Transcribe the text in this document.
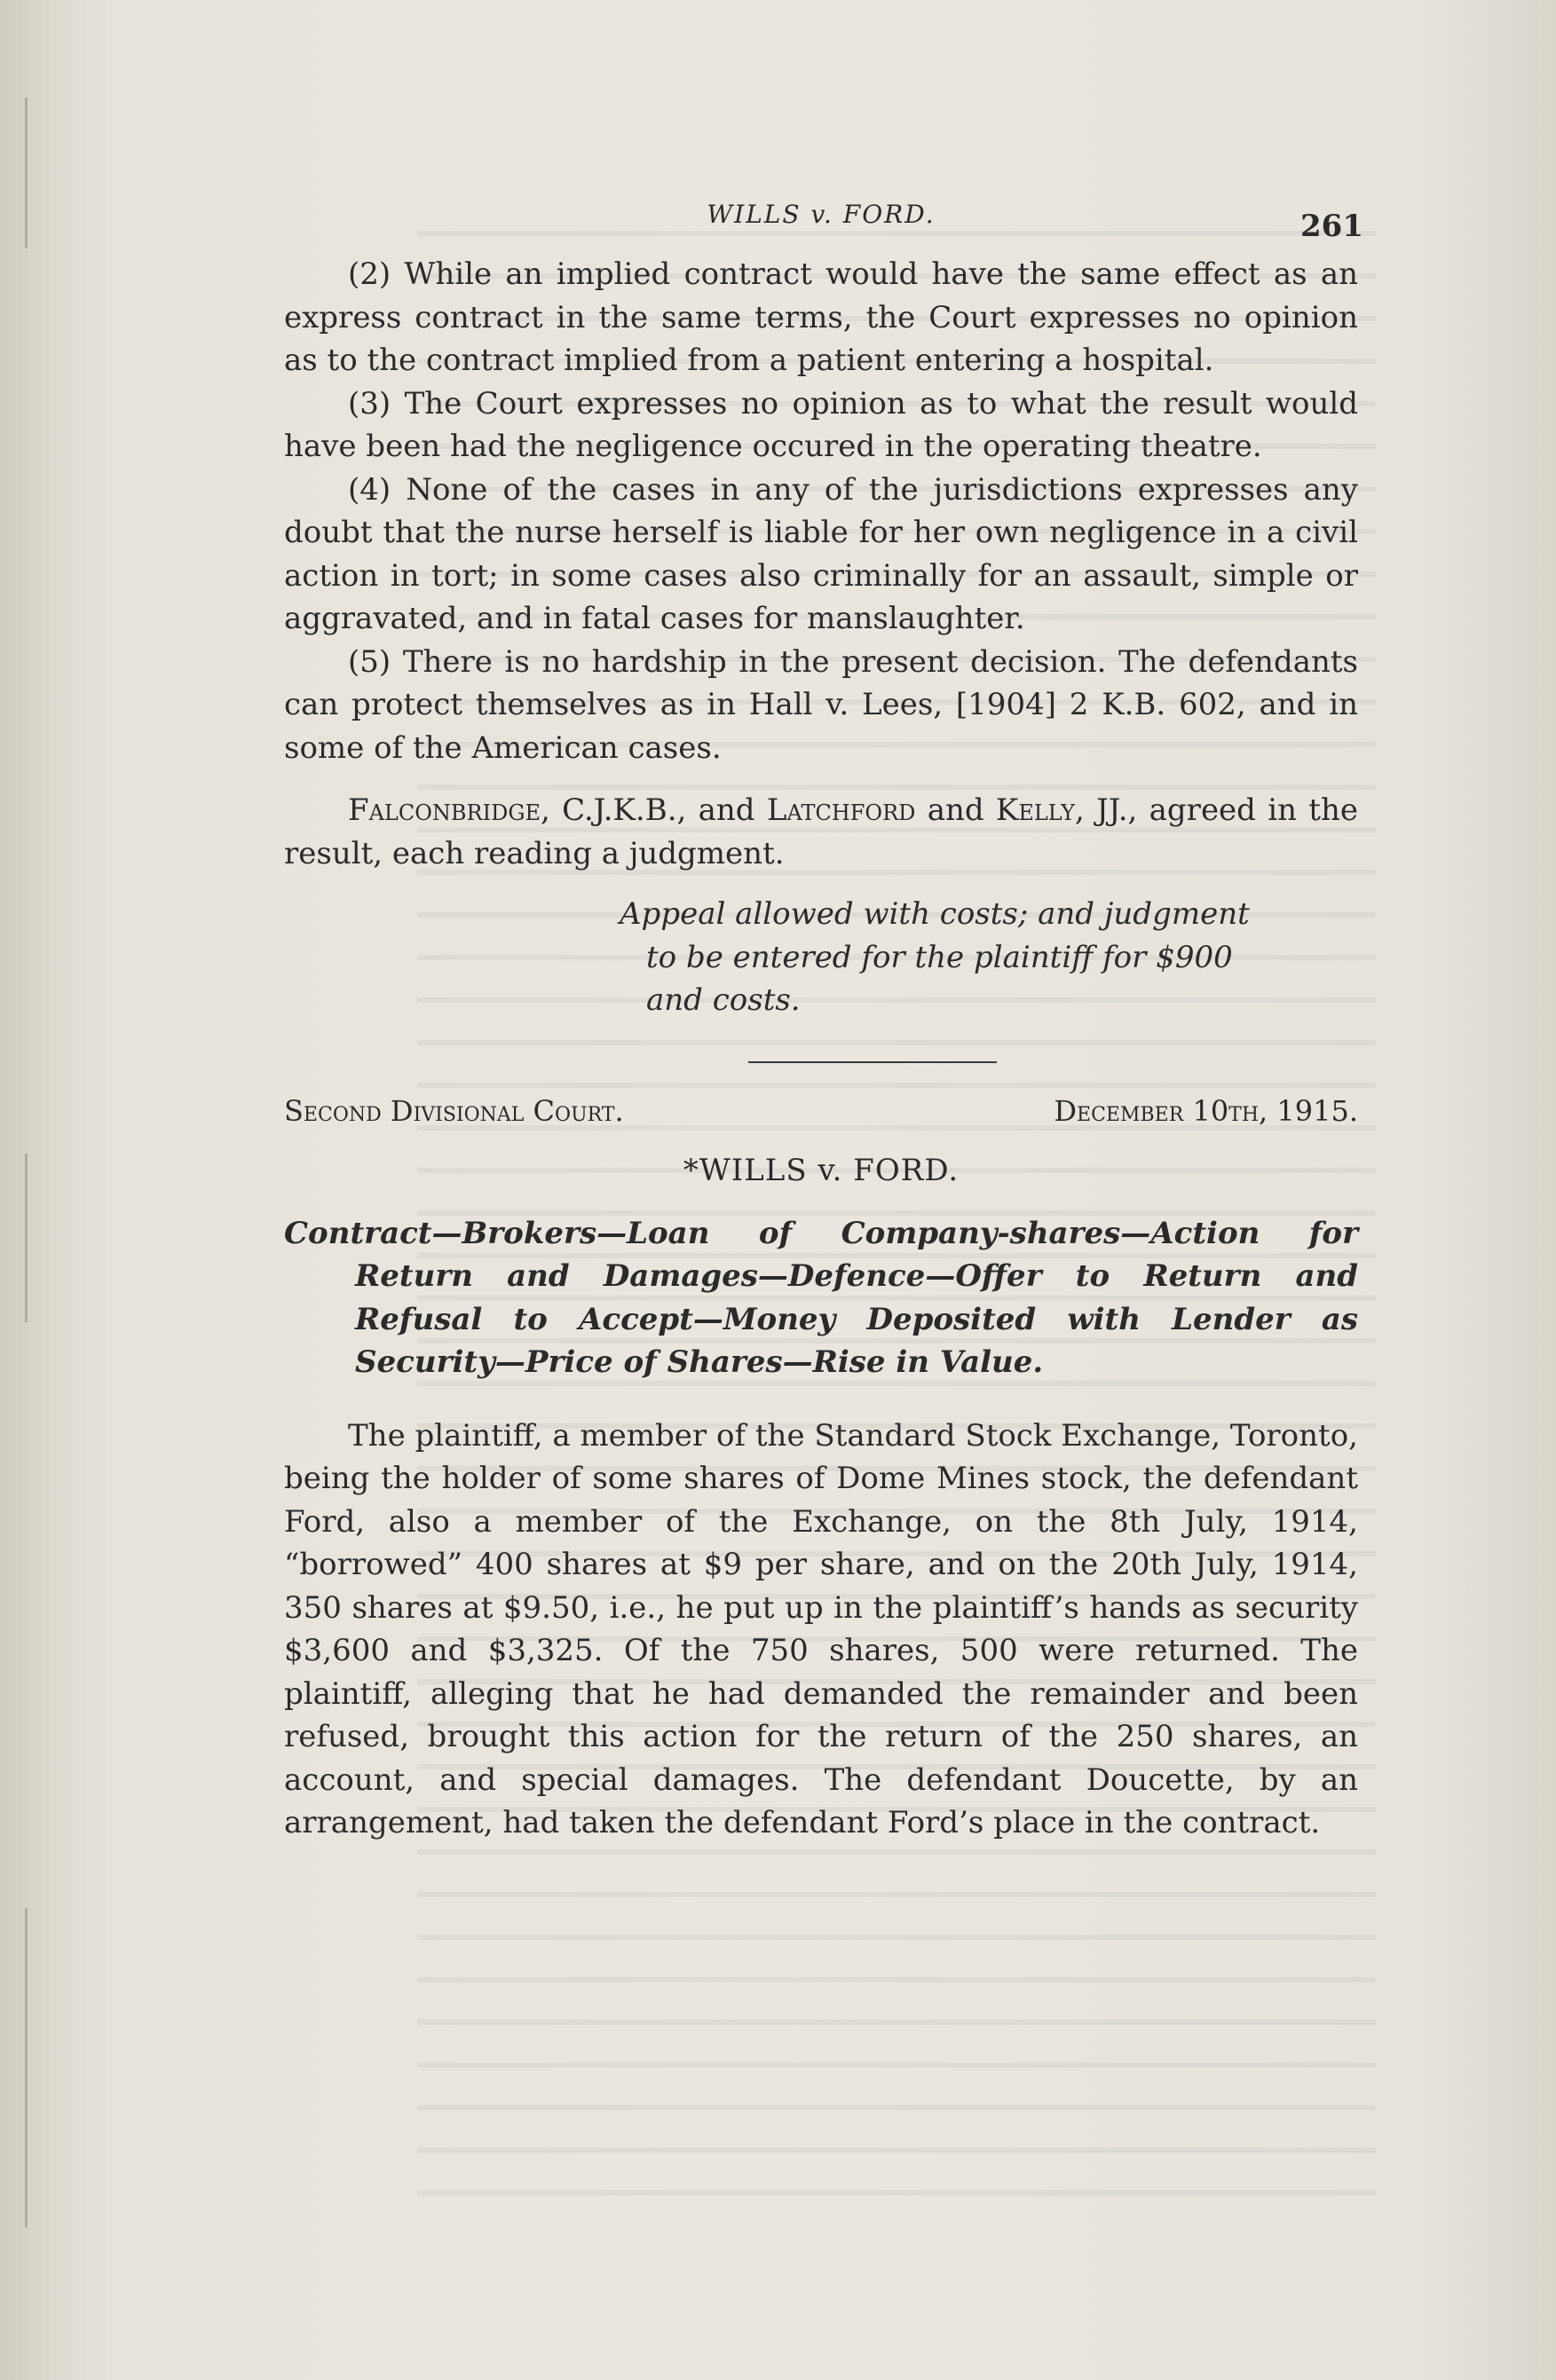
WILLS v. FORD.	261

(2) While an implied contract would have the same effect as an express contract in the same terms, the Court expresses no opinion as to the contract implied from a patient entering a hospital.

(3) The Court expresses no opinion as to what the result would have been had the negligence occured in the operating theatre.

(4) None of the cases in any of the jurisdictions expresses any doubt that the nurse herself is liable for her own negligence in a civil action in tort; in some cases also criminally for an assault, simple or aggravated, and in fatal cases for manslaughter.

(5) There is no hardship in the present decision. The defendants can protect themselves as in Hall v. Lees, [1904] 2 K.B. 602, and in some of the American cases.

Falconbridge, C.J.K.B., and Latchford and Kelly, JJ., agreed in the result, each reading a judgment.

Appeal allowed with costs; and judgment
to be entered for the plaintiff for $900
and costs.
Second Divisional Court.	December 10th, 1915.
*WILLS v. FORD.

Contract—Brokers—Loan of Company-shares—Action for Return and Damages—Defence—Offer to Return and Refusal to Accept—Money Deposited with Lender as Security—Price of Shares—Rise in Value.

The plaintiff, a member of the Standard Stock Exchange, Toronto, being the holder of some shares of Dome Mines stock, the defendant Ford, also a member of the Exchange, on the 8th July, 1914, “borrowed” 400 shares at $9 per share, and on the 20th July, 1914, 350 shares at $9.50, i.e., he put up in the plaintiff’s hands as security $3,600 and $3,325. Of the 750 shares, 500 were returned. The plaintiff, alleging that he had demanded the remainder and been refused, brought this action for the return of the 250 shares, an account, and special damages. The defendant Doucette, by an arrangement, had taken the defendant Ford’s place in the contract.
